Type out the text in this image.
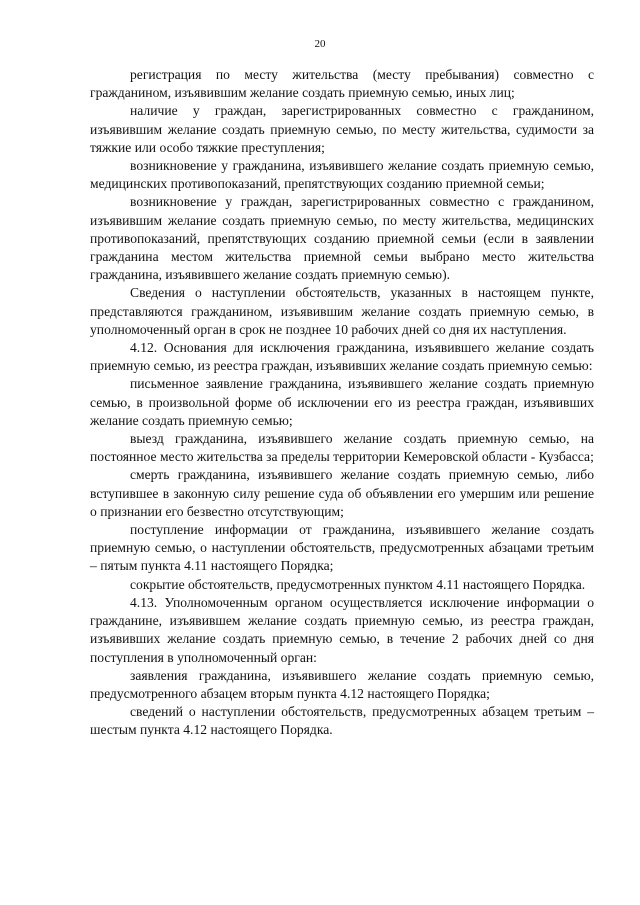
20

регистрация по месту жительства (месту пребывания) совместно с гражданином, изъявившим желание создать приемную семью, иных лиц;

наличие у граждан, зарегистрированных совместно с гражданином, изъявившим желание создать приемную семью, по месту жительства, судимости за тяжкие или особо тяжкие преступления;

возникновение у гражданина, изъявившего желание создать приемную семью, медицинских противопоказаний, препятствующих созданию приемной семьи;

возникновение у граждан, зарегистрированных совместно с гражданином, изъявившим желание создать приемную семью, по месту жительства, медицинских противопоказаний, препятствующих созданию приемной семьи (если в заявлении гражданина местом жительства приемной семьи выбрано место жительства гражданина, изъявившего желание создать приемную семью).

Сведения о наступлении обстоятельств, указанных в настоящем пункте, представляются гражданином, изъявившим желание создать приемную семью, в уполномоченный орган в срок не позднее 10 рабочих дней со дня их наступления.

4.12. Основания для исключения гражданина, изъявившего желание создать приемную семью, из реестра граждан, изъявивших желание создать приемную семью:

письменное заявление гражданина, изъявившего желание создать приемную семью, в произвольной форме об исключении его из реестра граждан, изъявивших желание создать приемную семью;

выезд гражданина, изъявившего желание создать приемную семью, на постоянное место жительства за пределы территории Кемеровской области - Кузбасса;

смерть гражданина, изъявившего желание создать приемную семью, либо вступившее в законную силу решение суда об объявлении его умершим или решение о признании его безвестно отсутствующим;

поступление информации от гражданина, изъявившего желание создать приемную семью, о наступлении обстоятельств, предусмотренных абзацами третьим – пятым пункта 4.11 настоящего Порядка;

сокрытие обстоятельств, предусмотренных пунктом 4.11 настоящего Порядка.

4.13. Уполномоченным органом осуществляется исключение информации о гражданине, изъявившем желание создать приемную семью, из реестра граждан, изъявивших желание создать приемную семью, в течение 2 рабочих дней со дня поступления в уполномоченный орган:

заявления гражданина, изъявившего желание создать приемную семью, предусмотренного абзацем вторым пункта 4.12 настоящего Порядка;

сведений о наступлении обстоятельств, предусмотренных абзацем третьим – шестым пункта 4.12 настоящего Порядка.
